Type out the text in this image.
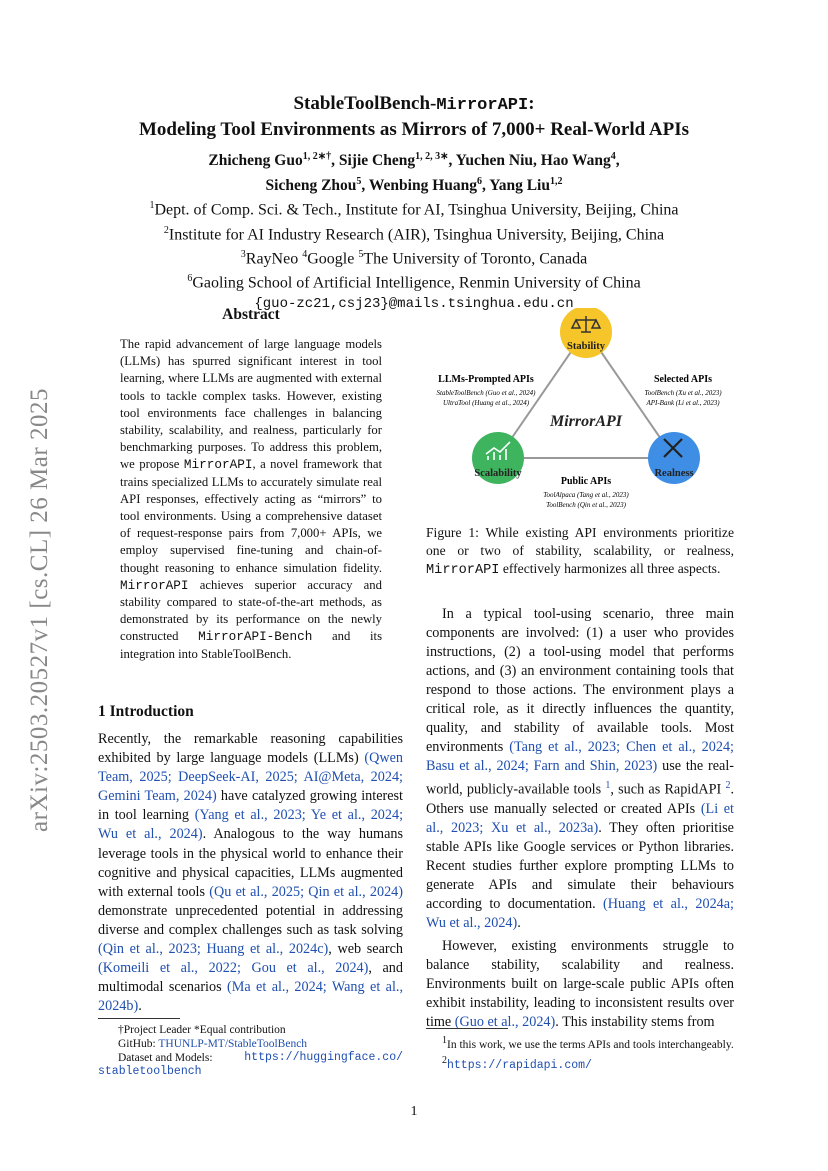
arXiv:2503.20527v1 [cs.CL] 26 Mar 2025
StableToolBench-MirrorAPI:
Modeling Tool Environments as Mirrors of 7,000+ Real-World APIs
Zhicheng Guo$^{1, 2∗\dagger}$, Sijie Cheng$^{1, 2, 3∗}$, Yuchen Niu, Hao Wang$^4$,
Sicheng Zhou$^5$, Wenbing Huang$^6$, Yang Liu$^{1,2}$
$^1$Dept. of Comp. Sci. & Tech., Institute for AI, Tsinghua University, Beijing, China
$^2$Institute for AI Industry Research (AIR), Tsinghua University, Beijing, China
$^3$RayNeo $^4$Google $^5$The University of Toronto, Canada
$^6$Gaoling School of Artificial Intelligence, Renmin University of China
{guo-zc21,csj23}@mails.tsinghua.edu.cn
Abstract
The rapid advancement of large language models (LLMs) has spurred significant interest in tool learning, where LLMs are augmented with external tools to tackle complex tasks. However, existing tool environments face challenges in balancing stability, scalability, and realness, particularly for benchmarking purposes. To address this problem, we propose MirrorAPI, a novel framework that trains specialized LLMs to accurately simulate real API responses, effectively acting as “mirrors” to tool environments. Using a comprehensive dataset of request-response pairs from 7,000+ APIs, we employ supervised fine-tuning and chain-of-thought reasoning to enhance simulation fidelity. MirrorAPI achieves superior accuracy and stability compared to state-of-the-art methods, as demonstrated by its performance on the newly constructed MirrorAPI-Bench and its integration into StableToolBench.
1 Introduction
Recently, the remarkable reasoning capabilities exhibited by large language models (LLMs) (Qwen Team, 2025; DeepSeek-AI, 2025; AI@Meta, 2024; Gemini Team, 2024) have catalyzed growing interest in tool learning (Yang et al., 2023; Ye et al., 2024; Wu et al., 2024). Analogous to the way humans leverage tools in the physical world to enhance their cognitive and physical capacities, LLMs augmented with external tools (Qu et al., 2025; Qin et al., 2024) demonstrate unprecedented potential in addressing diverse and complex challenges such as task solving (Qin et al., 2023; Huang et al., 2024c), web search (Komeili et al., 2022; Gou et al., 2024), and multimodal scenarios (Ma et al., 2024; Wang et al., 2024b).
†Project Leader *Equal contribution
GitHub: THUNLP-MT/StableToolBench
Dataset and Models:	https://huggingface.co/
stabletoolbench
MirrorAPI
Stability
Scalability	Realness
LLMs-Prompted APIs
StableToolBench (Guo et al., 2024)
UltraTool (Huang et al., 2024)
Selected APIs
ToolBench (Xu et al., 2023)
API-Bank (Li et al., 2023)
Public APIs
ToolAlpaca (Tang et al., 2023)
ToolBench (Qin et al., 2023)
Figure 1: While existing API environments prioritize one or two of stability, scalability, or realness, MirrorAPI effectively harmonizes all three aspects.

In a typical tool-using scenario, three main components are involved: (1) a user who provides instructions, (2) a tool-using model that performs actions, and (3) an environment containing tools that respond to those actions. The environment plays a critical role, as it directly influences the quantity, quality, and stability of available tools. Most environments (Tang et al., 2023; Chen et al., 2024; Basu et al., 2024; Farn and Shin, 2023) use the real-world, publicly-available tools $^1$, such as RapidAPI $^2$. Others use manually selected or created APIs (Li et al., 2023; Xu et al., 2023a). They often prioritise stable APIs like Google services or Python libraries. Recent studies further explore prompting LLMs to generate APIs and simulate their behaviours according to documentation. (Huang et al., 2024a; Wu et al., 2024).

However, existing environments struggle to balance stability, scalability and realness. Environments built on large-scale public APIs often exhibit instability, leading to inconsistent results over time (Guo et al., 2024). This instability stems from

$^1$In this work, we use the terms APIs and tools interchangeably.
$^2$https://rapidapi.com/
1
